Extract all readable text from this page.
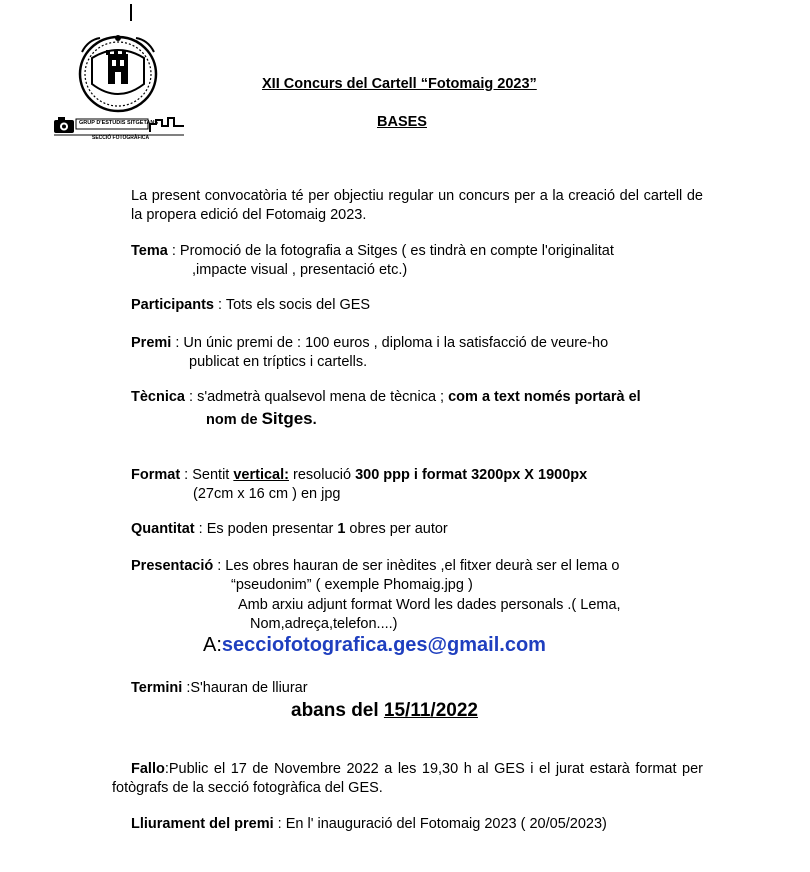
GRUP D'ESTUDIS SITGETANS
SECCIÓ FOTOGRÀFICA
XII Concurs del Cartell “Fotomaig 2023”
BASES
La present convocatòria té per objectiu regular un concurs per a la creació del cartell de la propera edició del Fotomaig 2023.
Tema : Promoció de la fotografia a Sitges ( es tindrà en compte l'originalitat
,impacte visual , presentació etc.)
Participants : Tots els socis del GES
Premi : Un únic premi de : 100 euros , diploma i la satisfacció de veure-ho
publicat en tríptics i cartells.
Tècnica : s'admetrà qualsevol mena de tècnica ; com a text només portarà el
nom de Sitges.
Format : Sentit vertical: resolució 300 ppp i format 3200px X 1900px
(27cm x 16 cm ) en jpg
Quantitat : Es poden presentar 1 obres per autor
Presentació : Les obres hauran de ser inèdites ,el fitxer deurà ser el lema o
“pseudonim” ( exemple Phomaig.jpg )
Amb arxiu adjunt format Word les dades personals .( Lema,
Nom,adreça,telefon....)
A:secciofotografica.ges@gmail.com
Termini :S'hauran de lliurar
abans del 15/11/2022
Fallo:Public el 17 de Novembre 2022 a les 19,30 h al GES i el jurat estarà format per fotògrafs de la secció fotogràfica del GES.
Lliurament del premi : En l' inauguració del Fotomaig 2023 ( 20/05/2023)
